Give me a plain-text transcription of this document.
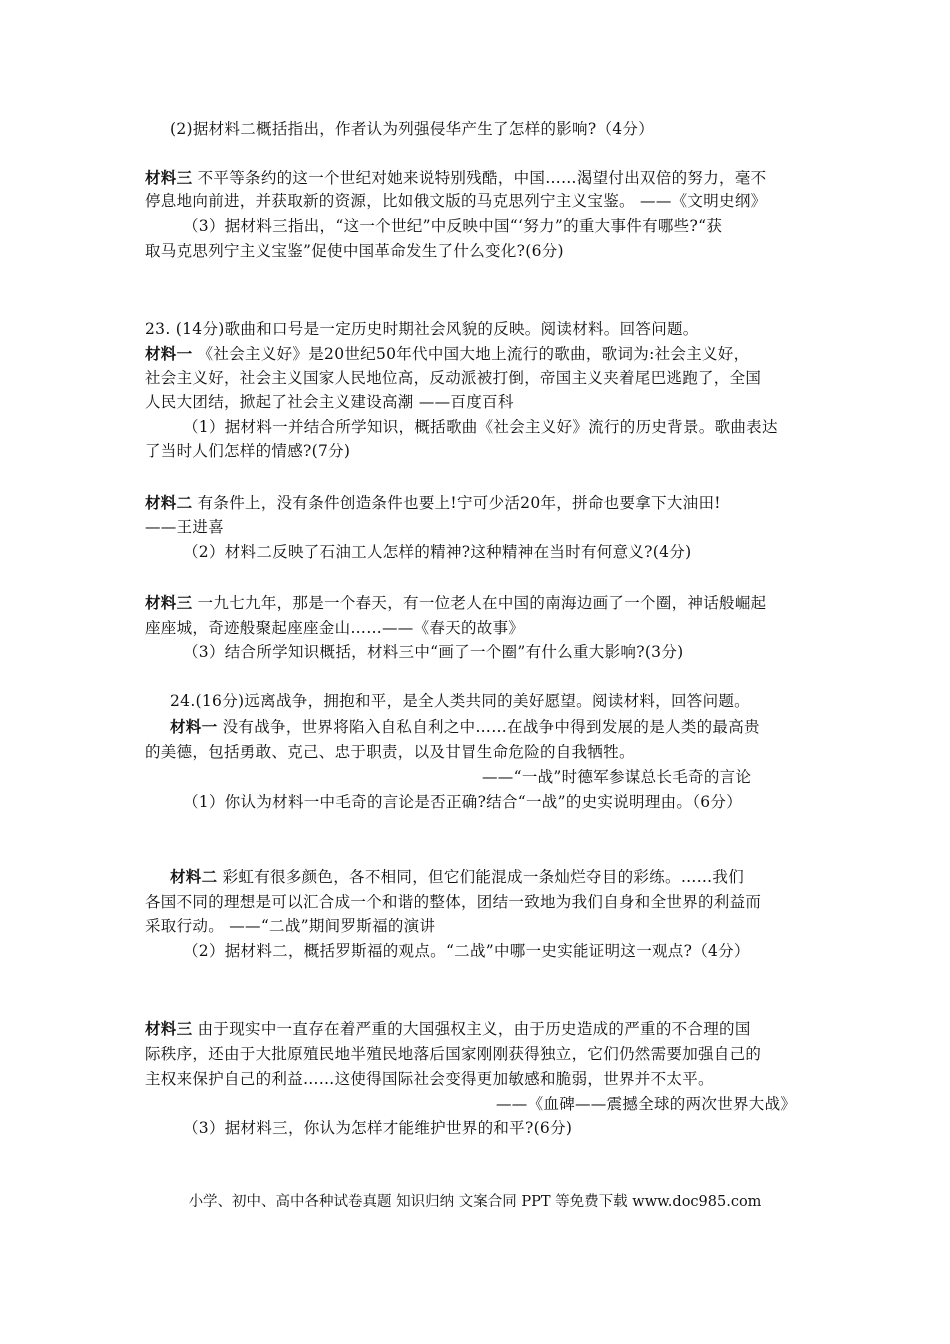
(2)据材料二概括指出，作者认为列强侵华产生了怎样的影响?（4分）
材料三 不平等条约的这一个世纪对她来说特别残酷，中国……渴望付出双倍的努力，毫不
停息地向前进，并获取新的资源，比如俄文版的马克思列宁主义宝鉴。 ——《文明史纲》
（3）据材料三指出，“这一个世纪”中反映中国“‘努力”的重大事件有哪些?“获
取马克思列宁主义宝鉴”促使中国革命发生了什么变化?(6分)
23. (14分)歌曲和口号是一定历史时期社会风貌的反映。阅读材料。回答问题。
材料一 《社会主义好》是20世纪50年代中国大地上流行的歌曲，歌词为:社会主义好，
社会主义好，社会主义国家人民地位高，反动派被打倒，帝国主义夹着尾巴逃跑了，全国
人民大团结，掀起了社会主义建设高潮 ——百度百科
（1）据材料一并结合所学知识，概括歌曲《社会主义好》流行的历史背景。歌曲表达
了当时人们怎样的情感?(7分)
材料二 有条件上，没有条件创造条件也要上!宁可少活20年，拼命也要拿下大油田!
——王进喜
（2）材料二反映了石油工人怎样的精神?这种精神在当时有何意义?(4分)
材料三 一九七九年，那是一个春天，有一位老人在中国的南海边画了一个圈，神话般崛起
座座城，奇迹般聚起座座金山……——《春天的故事》
（3）结合所学知识概括，材料三中“画了一个圈”有什么重大影响?(3分)
24.(16分)远离战争，拥抱和平，是全人类共同的美好愿望。阅读材料，回答问题。
材料一 没有战争，世界将陷入自私自利之中……在战争中得到发展的是人类的最高贵
的美德，包括勇敢、克己、忠于职责，以及甘冒生命危险的自我牺牲。
——“一战”时德军参谋总长毛奇的言论
（1）你认为材料一中毛奇的言论是否正确?结合“一战”的史实说明理由。（6分）
材料二 彩虹有很多颜色，各不相同，但它们能混成一条灿烂夺目的彩练。……我们
各国不同的理想是可以汇合成一个和谐的整体，团结一致地为我们自身和全世界的利益而
采取行动。 ——“二战”期间罗斯福的演讲
（2）据材料二，概括罗斯福的观点。“二战”中哪一史实能证明这一观点?（4分）
材料三 由于现实中一直存在着严重的大国强权主义，由于历史造成的严重的不合理的国
际秩序，还由于大批原殖民地半殖民地落后国家刚刚获得独立，它们仍然需要加强自己的
主权来保护自己的利益……这使得国际社会变得更加敏感和脆弱，世界并不太平。
——《血碑——震撼全球的两次世界大战》
（3）据材料三，你认为怎样才能维护世界的和平?(6分)
小学、初中、高中各种试卷真题 知识归纳 文案合同 PPT 等免费下载 www.doc985.com
